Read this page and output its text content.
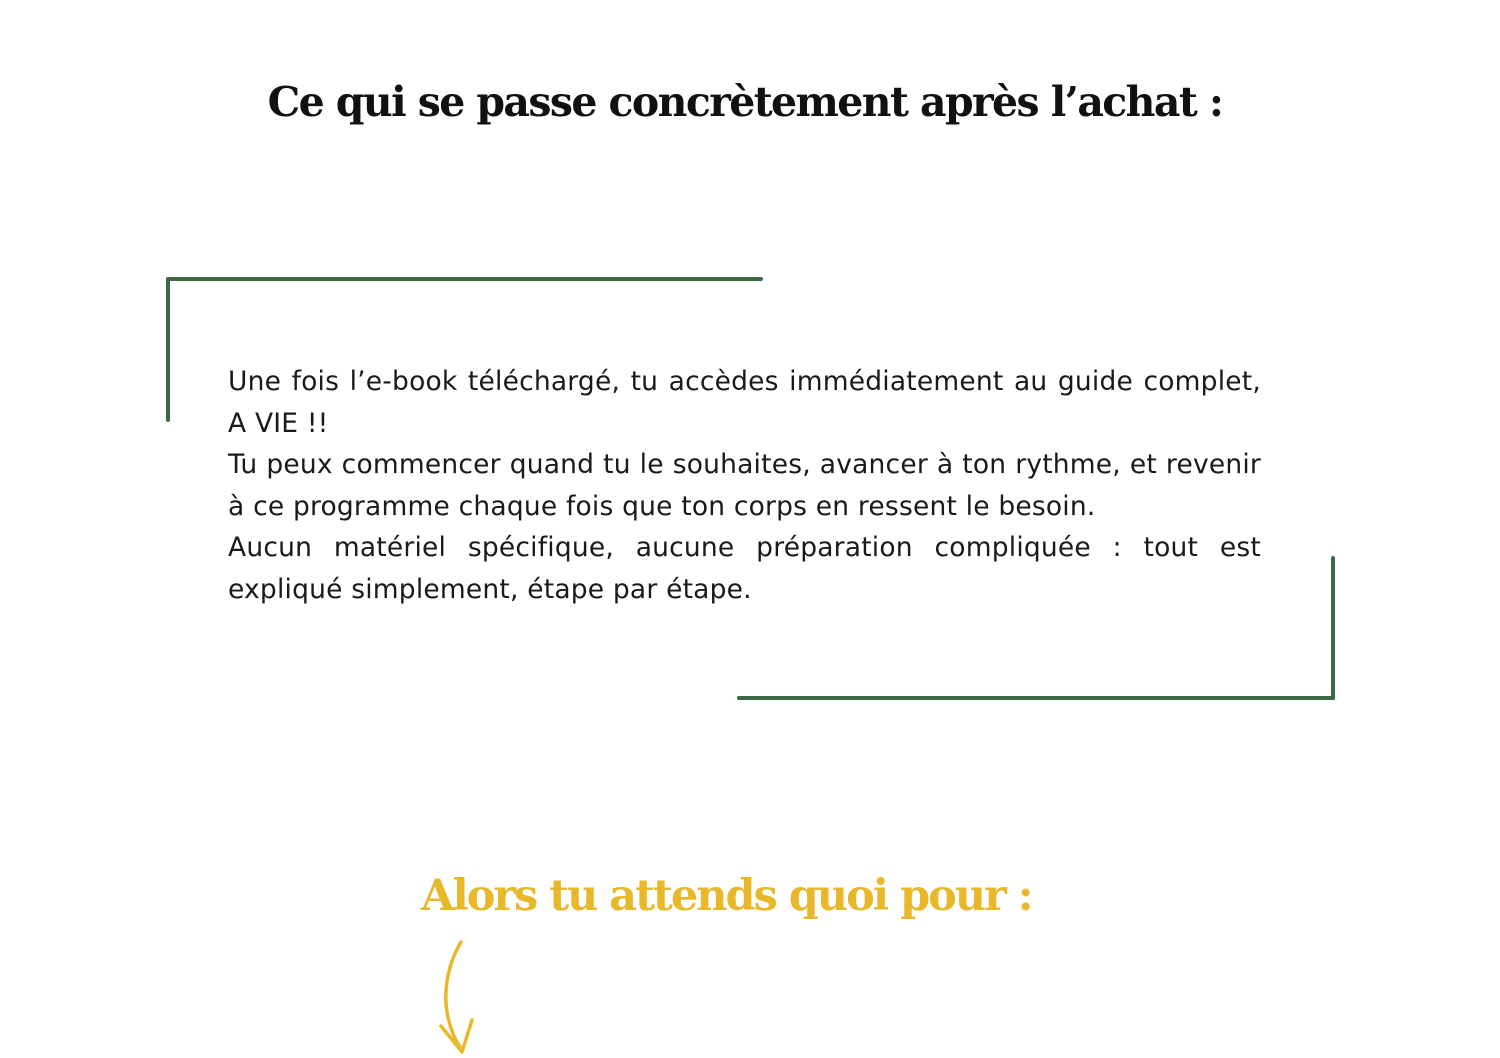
Ce qui se passe concrètement après l’achat :

Une fois l’e-book téléchargé, tu accèdes immédiatement au guide complet, A VIE !!

Tu peux commencer quand tu le souhaites, avancer à ton rythme, et revenir à ce programme chaque fois que ton corps en ressent le besoin.

Aucun matériel spécifique, aucune préparation compliquée : tout est expliqué simplement, étape par étape.

Alors tu attends quoi pour :
